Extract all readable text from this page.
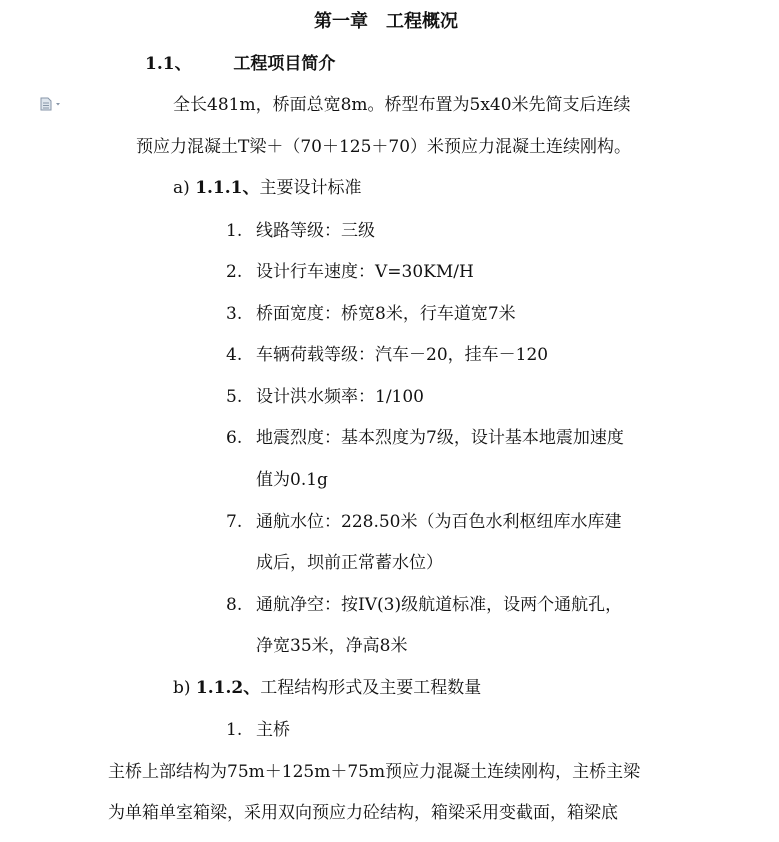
第一章　工程概况
1.1、 工程项目简介
全长481m，桥面总宽8m。桥型布置为5x40米先简支后连续
预应力混凝土T梁＋（70＋125＋70）米预应力混凝土连续刚构。
a) 1.1.1、主要设计标准
1. 线路等级：三级
2. 设计行车速度：V=30KM/H
3. 桥面宽度：桥宽8米，行车道宽7米
4. 车辆荷载等级：汽车－20，挂车－120
5. 设计洪水频率：1/100
6. 地震烈度：基本烈度为7级，设计基本地震加速度
值为0.1g
7. 通航水位：228.50米（为百色水利枢纽库水库建
成后，坝前正常蓄水位）
8. 通航净空：按IV(3)级航道标准，设两个通航孔，
净宽35米，净高8米
b) 1.1.2、工程结构形式及主要工程数量
1. 主桥
主桥上部结构为75m＋125m＋75m预应力混凝土连续刚构，主桥主梁
为单箱单室箱梁，采用双向预应力砼结构，箱梁采用变截面，箱梁底
